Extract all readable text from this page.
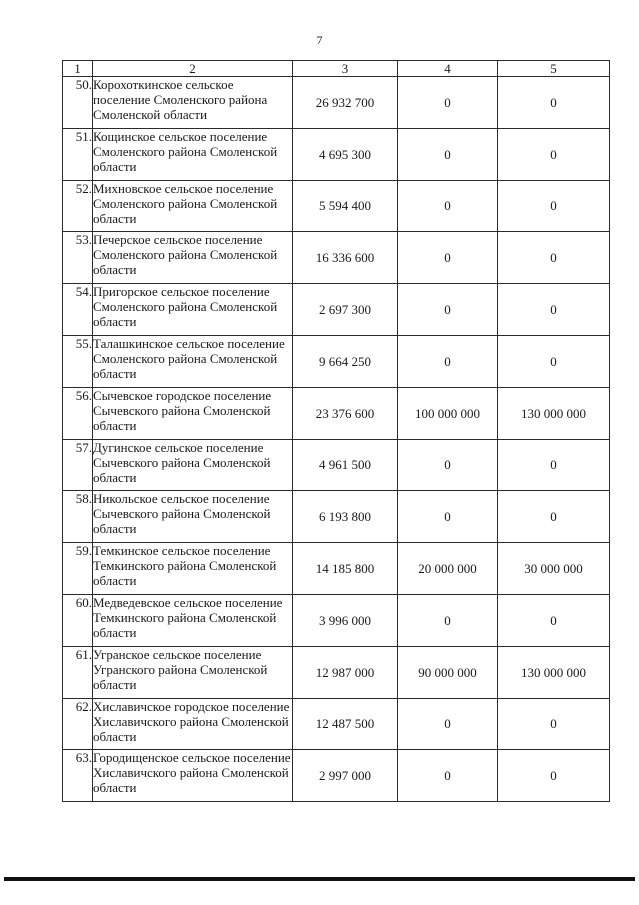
7
1	2	3	4	5
50.	Корохоткинское сельское поселение Смоленского района Смоленской области	26 932 700	0	0
51.	Кощинское сельское поселение Смоленского района Смоленской области	4 695 300	0	0
52.	Михновское сельское поселение Смоленского района Смоленской области	5 594 400	0	0
53.	Печерское сельское поселение Смоленского района Смоленской области	16 336 600	0	0
54.	Пригорское сельское поселение Смоленского района Смоленской области	2 697 300	0	0
55.	Талашкинское сельское поселение Смоленского района Смоленской области	9 664 250	0	0
56.	Сычевское городское поселение Сычевского района Смоленской области	23 376 600	100 000 000	130 000 000
57.	Дугинское сельское поселение Сычевского района Смоленской области	4 961 500	0	0
58.	Никольское сельское поселение Сычевского района Смоленской области	6 193 800	0	0
59.	Темкинское сельское поселение Темкинского района Смоленской области	14 185 800	20 000 000	30 000 000
60.	Медведевское сельское поселение Темкинского района Смоленской области	3 996 000	0	0
61.	Угранское сельское поселение Угранского района Смоленской области	12 987 000	90 000 000	130 000 000
62.	Хиславичское городское поселение Хиславичского района Смоленской области	12 487 500	0	0
63.	Городищенское сельское поселение Хиславичского района Смоленской области	2 997 000	0	0
